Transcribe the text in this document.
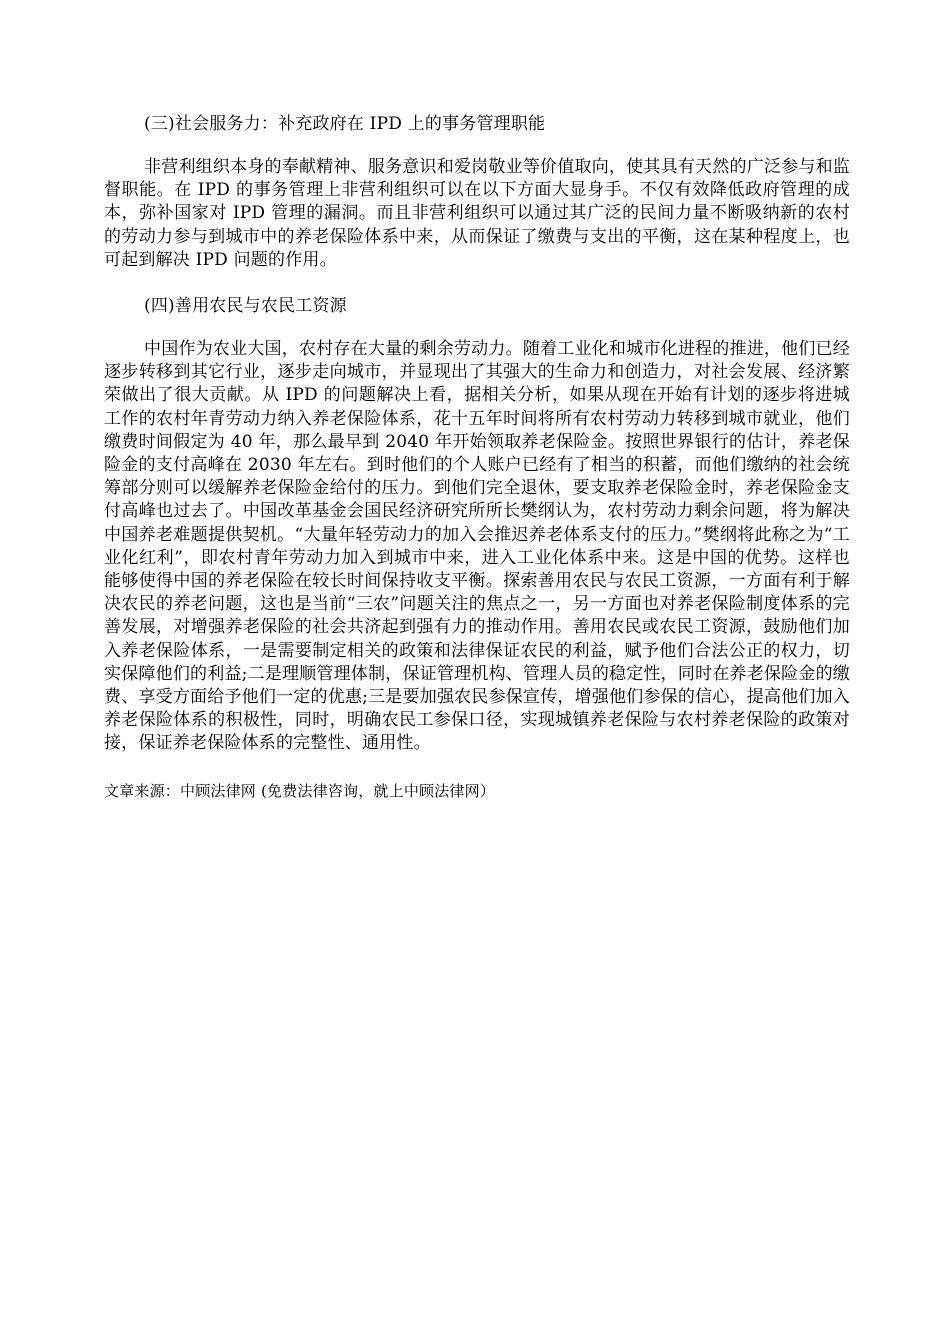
(三)社会服务力：补充政府在 IPD 上的事务管理职能

非营利组织本身的奉献精神、服务意识和爱岗敬业等价值取向，使其具有天然的广泛参与和监督职能。在 IPD 的事务管理上非营利组织可以在以下方面大显身手。不仅有效降低政府管理的成本，弥补国家对 IPD 管理的漏洞。而且非营利组织可以通过其广泛的民间力量不断吸纳新的农村的劳动力参与到城市中的养老保险体系中来，从而保证了缴费与支出的平衡，这在某种程度上，也可起到解决 IPD 问题的作用。

(四)善用农民与农民工资源

中国作为农业大国，农村存在大量的剩余劳动力。随着工业化和城市化进程的推进，他们已经逐步转移到其它行业，逐步走向城市，并显现出了其强大的生命力和创造力，对社会发展、经济繁荣做出了很大贡献。从 IPD 的问题解决上看，据相关分析，如果从现在开始有计划的逐步将进城工作的农村年青劳动力纳入养老保险体系，花十五年时间将所有农村劳动力转移到城市就业，他们缴费时间假定为 40 年，那么最早到 2040 年开始领取养老保险金。按照世界银行的估计，养老保险金的支付高峰在 2030 年左右。到时他们的个人账户已经有了相当的积蓄，而他们缴纳的社会统筹部分则可以缓解养老保险金给付的压力。到他们完全退休，要支取养老保险金时，养老保险金支付高峰也过去了。中国改革基金会国民经济研究所所长樊纲认为，农村劳动力剩余问题，将为解决中国养老难题提供契机。“大量年轻劳动力的加入会推迟养老体系支付的压力。”樊纲将此称之为“工业化红利”，即农村青年劳动力加入到城市中来，进入工业化体系中来。这是中国的优势。这样也能够使得中国的养老保险在较长时间保持收支平衡。探索善用农民与农民工资源，一方面有利于解决农民的养老问题，这也是当前“三农”问题关注的焦点之一，另一方面也对养老保险制度体系的完善发展，对增强养老保险的社会共济起到强有力的推动作用。善用农民或农民工资源，鼓励他们加入养老保险体系，一是需要制定相关的政策和法律保证农民的利益，赋予他们合法公正的权力，切实保障他们的利益;二是理顺管理体制，保证管理机构、管理人员的稳定性，同时在养老保险金的缴费、享受方面给予他们一定的优惠;三是要加强农民参保宣传，增强他们参保的信心，提高他们加入养老保险体系的积极性，同时，明确农民工参保口径，实现城镇养老保险与农村养老保险的政策对接，保证养老保险体系的完整性、通用性。

文章来源：中顾法律网 (免费法律咨询，就上中顾法律网）
